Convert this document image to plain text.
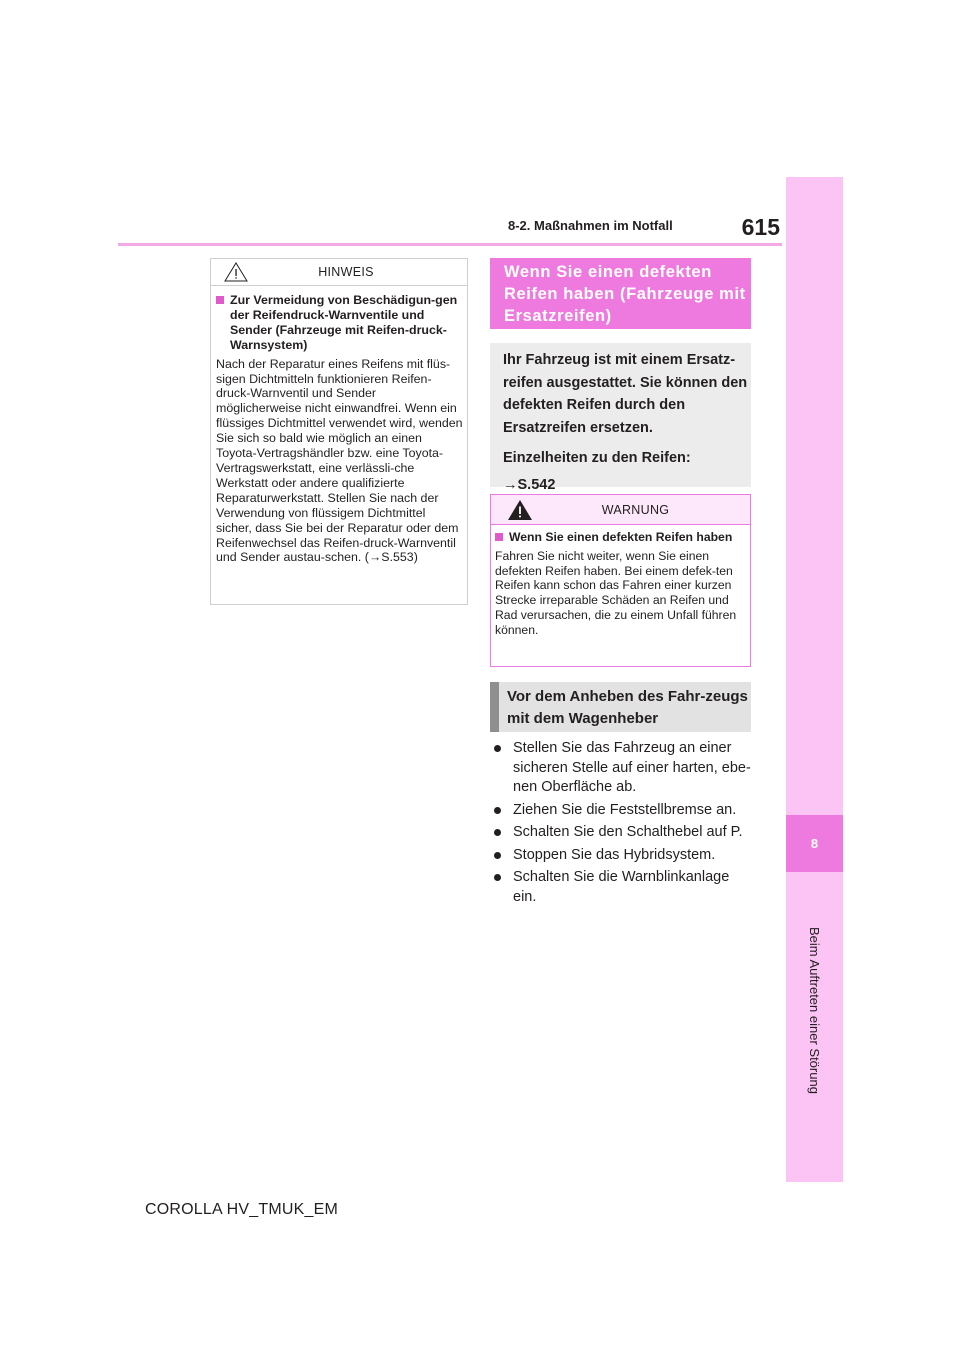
8
Beim Auftreten einer Störung
8-2. Maßnahmen im Notfall	615
HINWEIS
Zur Vermeidung von Beschädigun-gen der Reifendruck-Warnventile und Sender (Fahrzeuge mit Reifen-druck-Warnsystem)
Nach der Reparatur eines Reifens mit flüs-sigen Dichtmitteln funktionieren Reifen-druck-Warnventil und Sender möglicherweise nicht einwandfrei. Wenn ein flüssiges Dichtmittel verwendet wird, wenden Sie sich so bald wie möglich an einen Toyota-Vertragshändler bzw. eine Toyota-Vertragswerkstatt, eine verlässli-che Werkstatt oder andere qualifizierte Reparaturwerkstatt. Stellen Sie nach der Verwendung von flüssigem Dichtmittel sicher, dass Sie bei der Reparatur oder dem Reifenwechsel das Reifen-druck-Warnventil und Sender austau-schen. (→S.553)
Wenn Sie einen defekten Reifen haben (Fahrzeuge mit Ersatzreifen)
Ihr Fahrzeug ist mit einem Ersatz-reifen ausgestattet. Sie können den defekten Reifen durch den Ersatzreifen ersetzen.
Einzelheiten zu den Reifen:
→S.542
WARNUNG
Wenn Sie einen defekten Reifen haben
Fahren Sie nicht weiter, wenn Sie einen defekten Reifen haben. Bei einem defek-ten Reifen kann schon das Fahren einer kurzen Strecke irreparable Schäden an Reifen und Rad verursachen, die zu einem Unfall führen können.
Vor dem Anheben des Fahr-zeugs mit dem Wagenheber
Stellen Sie das Fahrzeug an einer sicheren Stelle auf einer harten, ebe-nen Oberfläche ab.
Ziehen Sie die Feststellbremse an.
Schalten Sie den Schalthebel auf P.
Stoppen Sie das Hybridsystem.
Schalten Sie die Warnblinkanlage ein.
COROLLA HV_TMUK_EM
